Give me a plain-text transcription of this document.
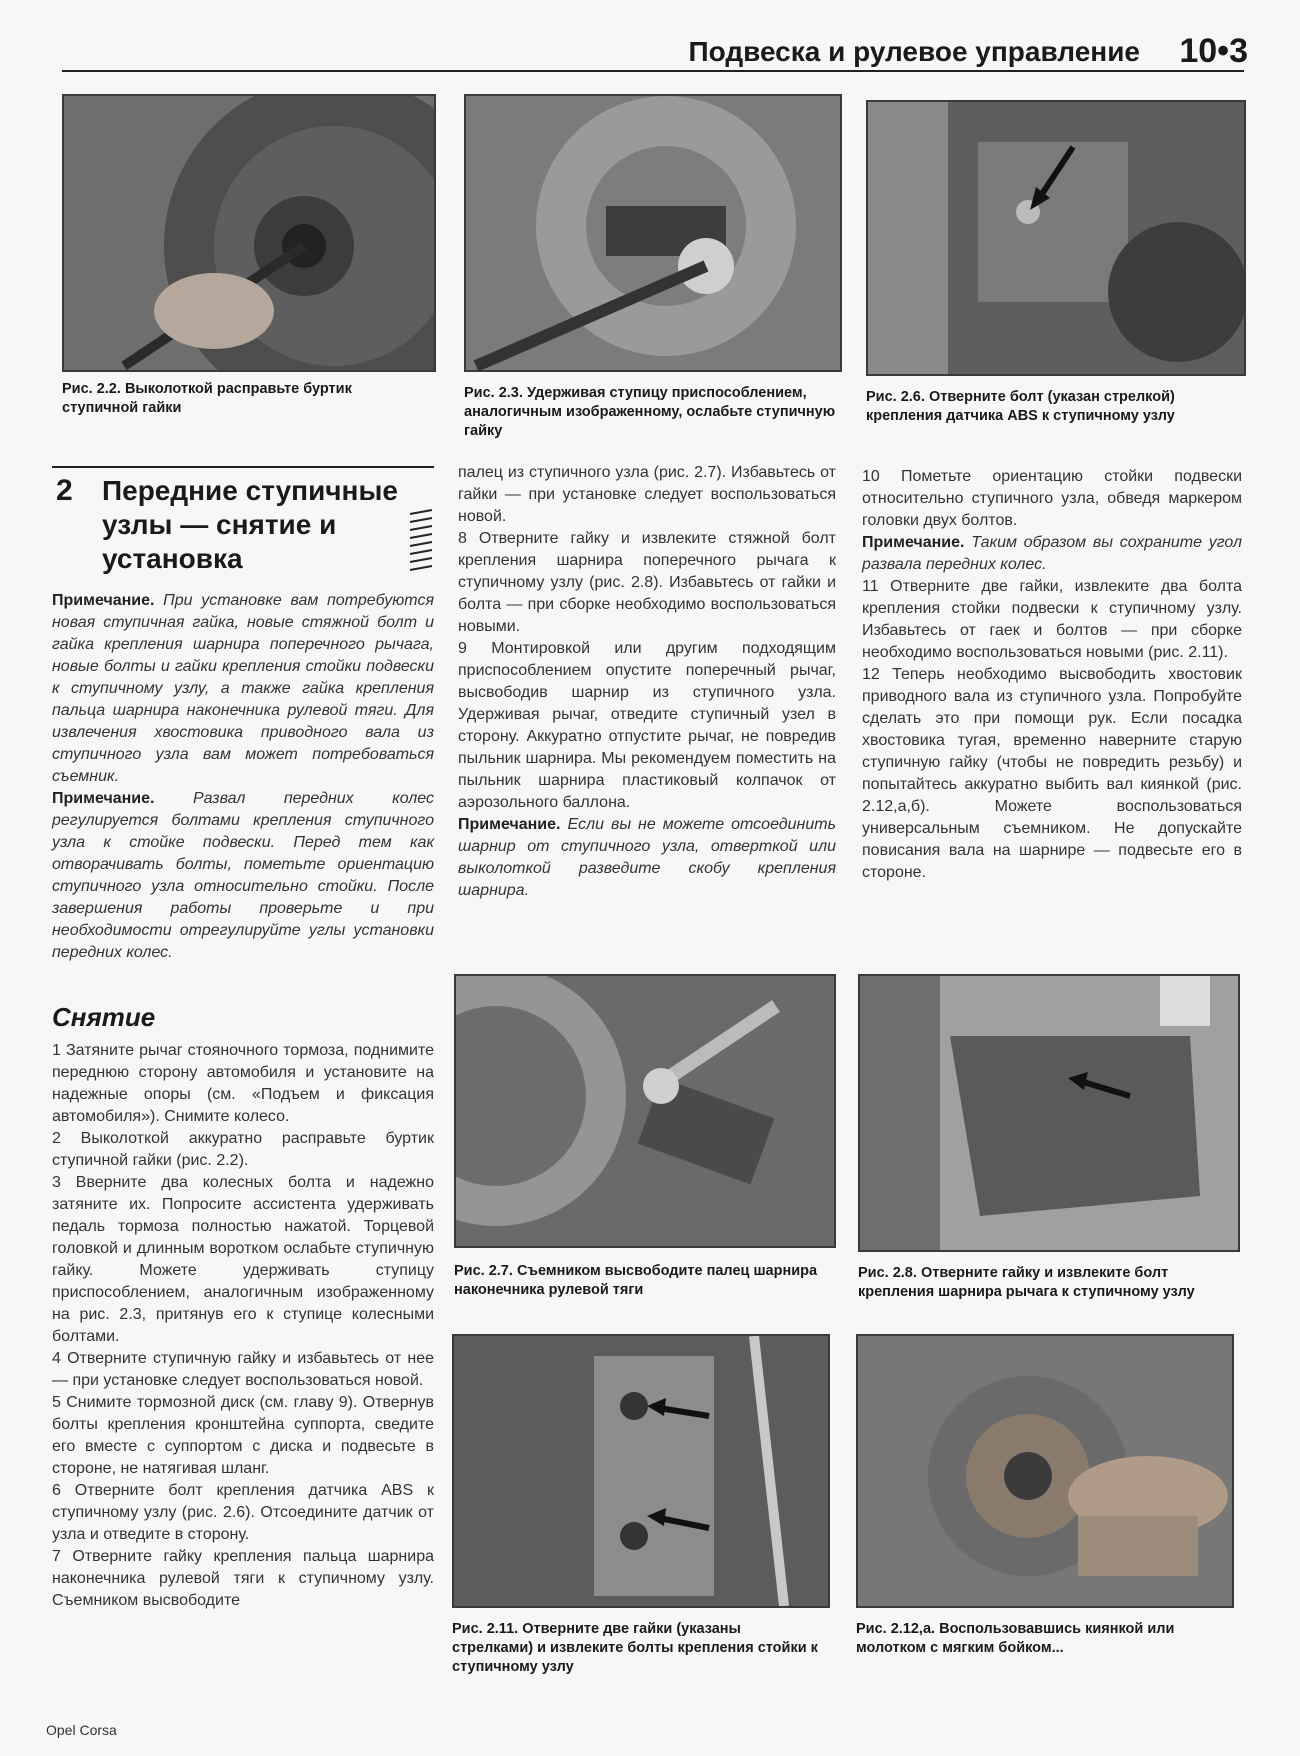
Подвеска и рулевое управление 10•3
Рис. 2.2. Выколоткой расправьте буртик ступичной гайки
Рис. 2.3. Удерживая ступицу приспособлением, аналогичным изображенному, ослабьте ступичную гайку
Рис. 2.6. Отверните болт (указан стрелкой) крепления датчика ABS к ступичному узлу
2 Передние ступичные узлы — снятие и установка

Примечание. При установке вам потребуются новая ступичная гайка, новые стяжной болт и гайка крепления шарнира поперечного рычага, новые болты и гайки крепления стойки подвески к ступичному узлу, а также гайка крепления пальца шарнира наконечника рулевой тяги. Для извлечения хвостовика приводного вала из ступичного узла вам может потребоваться съемник.

Примечание. Развал передних колес регулируется болтами крепления ступичного узла к стойке подвески. Перед тем как отворачивать болты, пометьте ориентацию ступичного узла относительно стойки. После завершения работы проверьте и при необходимости отрегулируйте углы установки передних колес.

Снятие

1 Затяните рычаг стояночного тормоза, поднимите переднюю сторону автомобиля и установите на надежные опоры (см. «Подъем и фиксация автомобиля»). Снимите колесо.

2 Выколоткой аккуратно расправьте буртик ступичной гайки (рис. 2.2).

3 Вверните два колесных болта и надежно затяните их. Попросите ассистента удерживать педаль тормоза полностью нажатой. Торцевой головкой и длинным воротком ослабьте ступичную гайку. Можете удерживать ступицу приспособлением, аналогичным изображенному на рис. 2.3, притянув его к ступице колесными болтами.

4 Отверните ступичную гайку и избавьтесь от нее — при установке следует воспользоваться новой.

5 Снимите тормозной диск (см. главу 9). Отвернув болты крепления кронштейна суппорта, сведите его вместе с суппортом с диска и подвесьте в стороне, не натягивая шланг.

6 Отверните болт крепления датчика ABS к ступичному узлу (рис. 2.6). Отсоедините датчик от узла и отведите в сторону.

7 Отверните гайку крепления пальца шарнира наконечника рулевой тяги к ступичному узлу. Съемником высвободите

палец из ступичного узла (рис. 2.7). Избавьтесь от гайки — при установке следует воспользоваться новой.

8 Отверните гайку и извлеките стяжной болт крепления шарнира поперечного рычага к ступичному узлу (рис. 2.8). Избавьтесь от гайки и болта — при сборке необходимо воспользоваться новыми.

9 Монтировкой или другим подходящим приспособлением опустите поперечный рычаг, высвободив шарнир из ступичного узла. Удерживая рычаг, отведите ступичный узел в сторону. Аккуратно отпустите рычаг, не повредив пыльник шарнира. Мы рекомендуем поместить на пыльник шарнира пластиковый колпачок от аэрозольного баллона.

Примечание. Если вы не можете отсоединить шарнир от ступичного узла, отверткой или выколоткой разведите скобу крепления шарнира.

10 Пометьте ориентацию стойки подвески относительно ступичного узла, обведя маркером головки двух болтов.

Примечание. Таким образом вы сохраните угол развала передних колес.

11 Отверните две гайки, извлеките два болта крепления стойки подвески к ступичному узлу. Избавьтесь от гаек и болтов — при сборке необходимо воспользоваться новыми (рис. 2.11).

12 Теперь необходимо высвободить хвостовик приводного вала из ступичного узла. Попробуйте сделать это при помощи рук. Если посадка хвостовика тугая, временно наверните старую ступичную гайку (чтобы не повредить резьбу) и попытайтесь аккуратно выбить вал киянкой (рис. 2.12,а,б). Можете воспользоваться универсальным съемником. Не допускайте повисания вала на шарнире — подвесьте его в стороне.

Рис. 2.7. Съемником высвободите палец шарнира наконечника рулевой тяги
Рис. 2.8. Отверните гайку и извлеките болт крепления шарнира рычага к ступичному узлу
Рис. 2.11. Отверните две гайки (указаны стрелками) и извлеките болты крепления стойки к ступичному узлу
Рис. 2.12,а. Воспользовавшись киянкой или молотком с мягким бойком...
Opel Corsa
